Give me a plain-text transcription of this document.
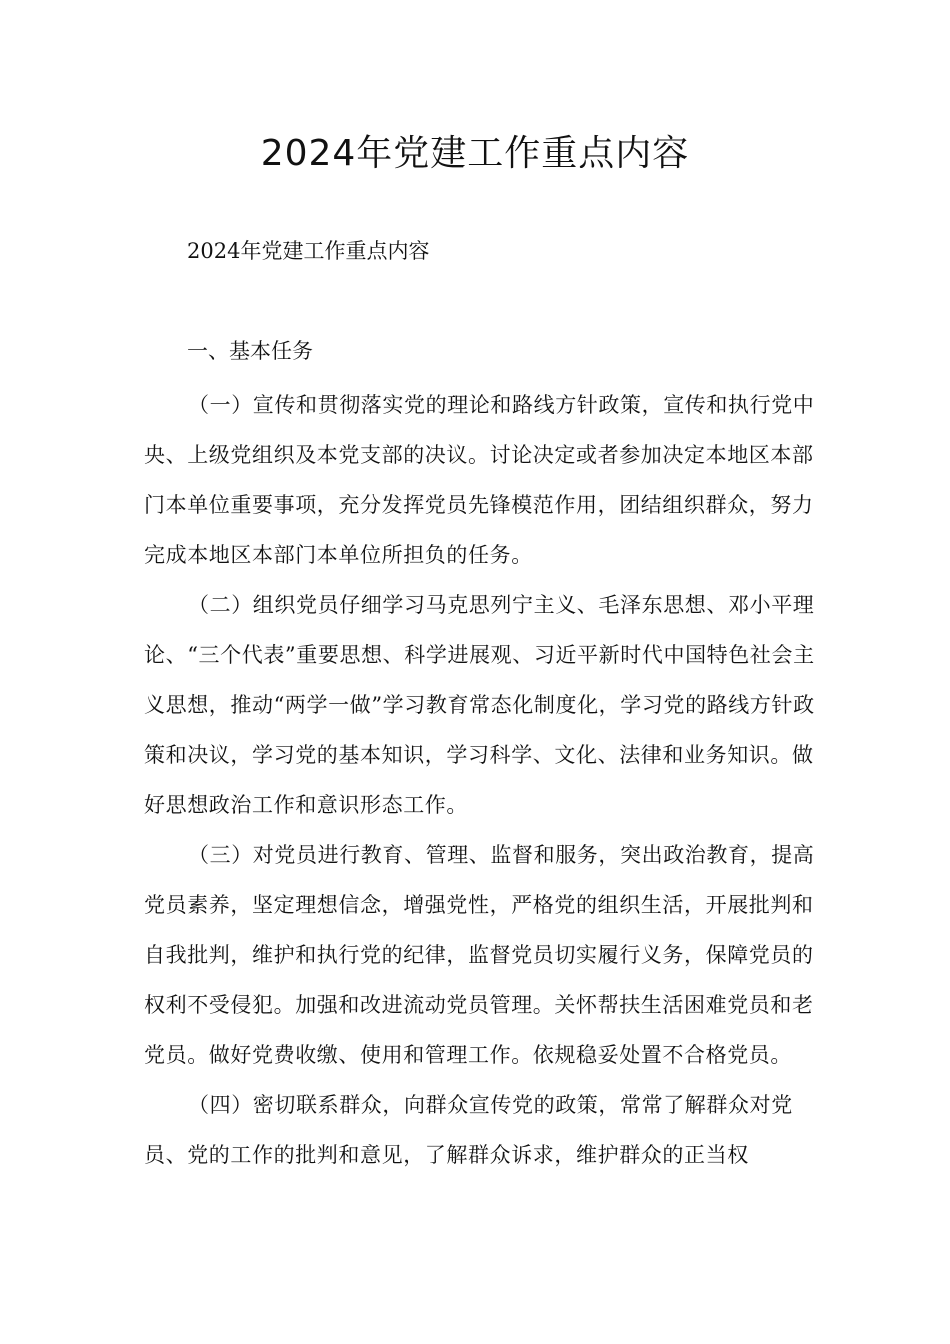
2024年党建工作重点内容

2024年党建工作重点内容

一、基本任务

（一）宣传和贯彻落实党的理论和路线方针政策，宣传和执行党中央、上级党组织及本党支部的决议。讨论决定或者参加决定本地区本部门本单位重要事项，充分发挥党员先锋模范作用，团结组织群众，努力完成本地区本部门本单位所担负的任务。

（二）组织党员仔细学习马克思列宁主义、毛泽东思想、邓小平理论、“三个代表”重要思想、科学进展观、习近平新时代中国特色社会主义思想，推动“两学一做”学习教育常态化制度化，学习党的路线方针政策和决议，学习党的基本知识，学习科学、文化、法律和业务知识。做好思想政治工作和意识形态工作。

（三）对党员进行教育、管理、监督和服务，突出政治教育，提高党员素养，坚定理想信念，增强党性，严格党的组织生活，开展批判和自我批判，维护和执行党的纪律，监督党员切实履行义务，保障党员的权利不受侵犯。加强和改进流动党员管理。关怀帮扶生活困难党员和老党员。做好党费收缴、使用和管理工作。依规稳妥处置不合格党员。

（四）密切联系群众，向群众宣传党的政策，常常了解群众对党员、党的工作的批判和意见，了解群众诉求，维护群众的正当权
